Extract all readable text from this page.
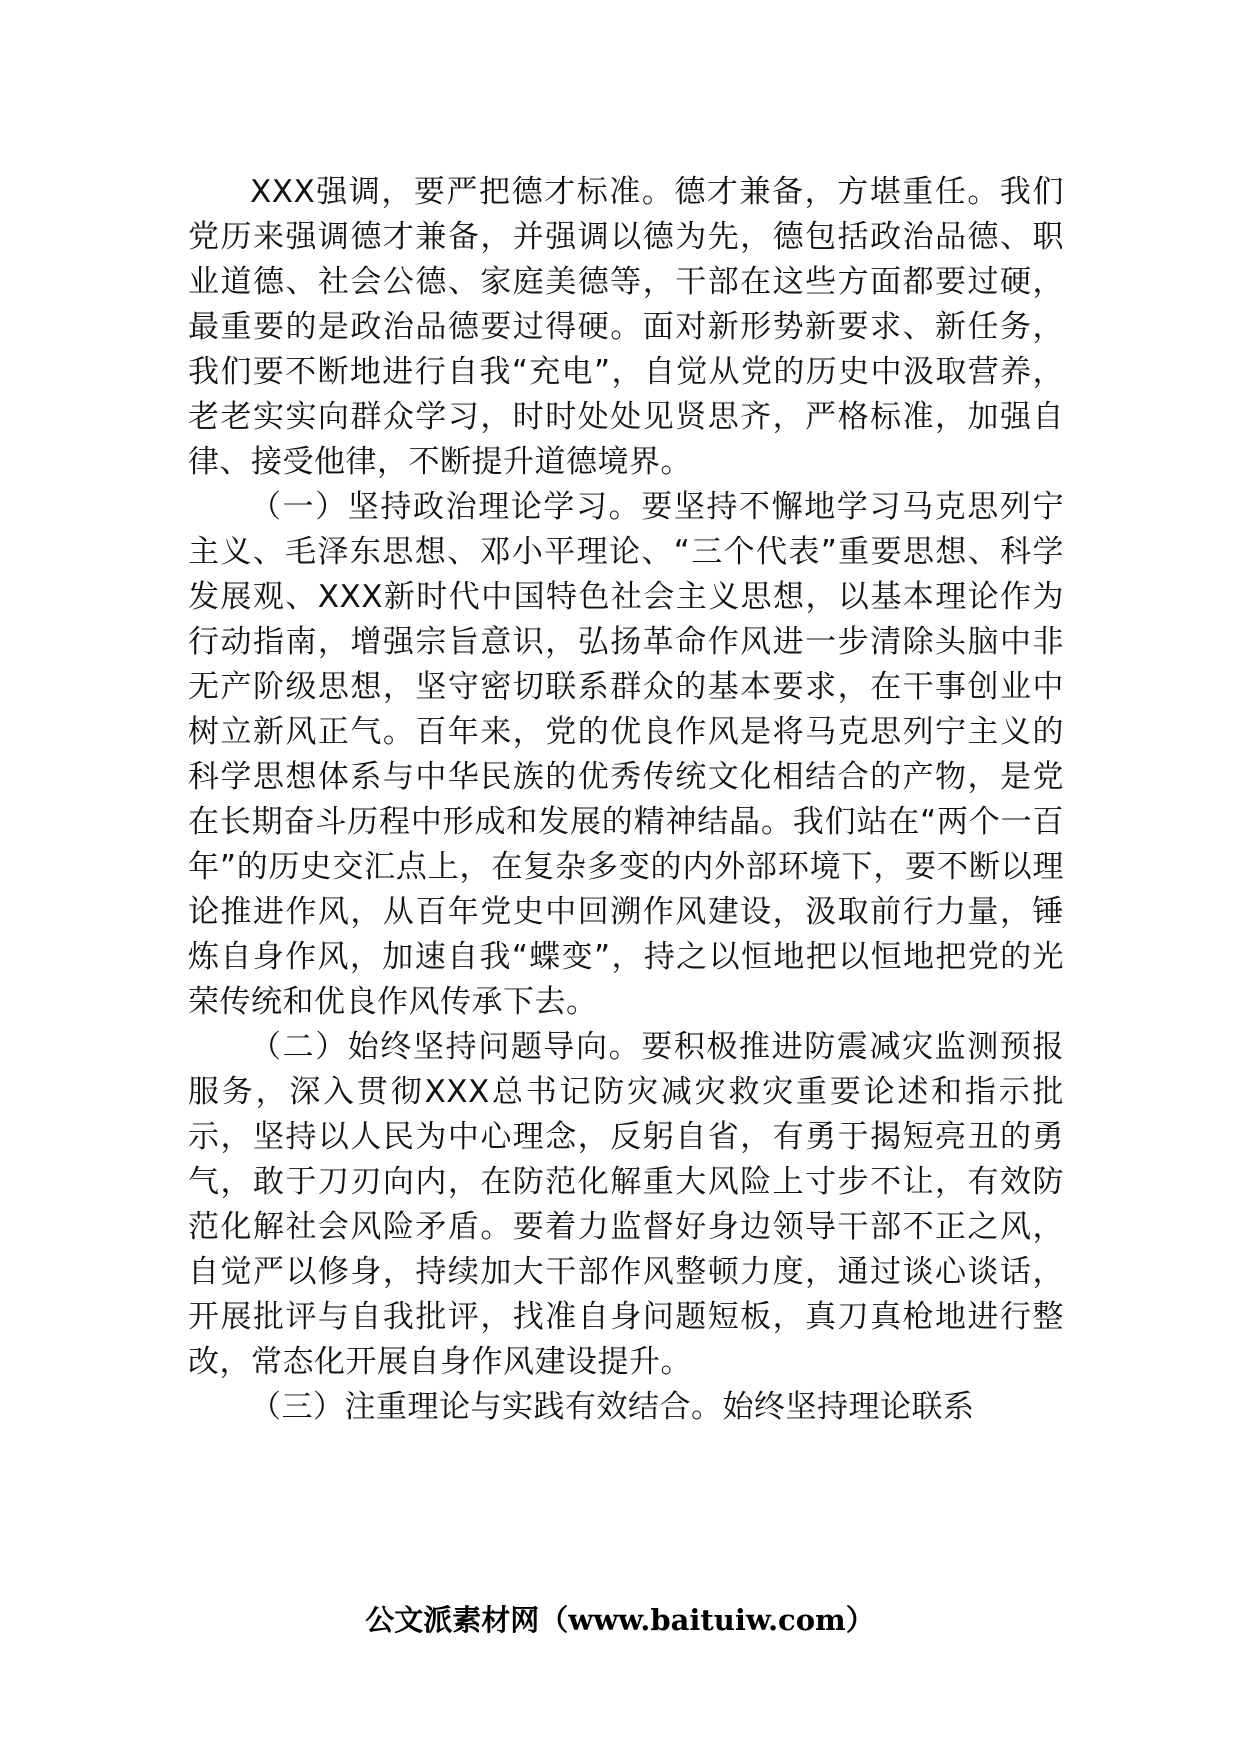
XXX强调，要严把德才标准。德才兼备，方堪重任。我们党历来强调德才兼备，并强调以德为先，德包括政治品德、职业道德、社会公德、家庭美德等，干部在这些方面都要过硬，最重要的是政治品德要过得硬。面对新形势新要求、新任务，我们要不断地进行自我“充电”，自觉从党的历史中汲取营养，老老实实向群众学习，时时处处见贤思齐，严格标准，加强自律、接受他律，不断提升道德境界。

（一）坚持政治理论学习。要坚持不懈地学习马克思列宁主义、毛泽东思想、邓小平理论、“三个代表”重要思想、科学发展观、XXX新时代中国特色社会主义思想，以基本理论作为行动指南，增强宗旨意识，弘扬革命作风进一步清除头脑中非无产阶级思想，坚守密切联系群众的基本要求，在干事创业中树立新风正气。百年来，党的优良作风是将马克思列宁主义的科学思想体系与中华民族的优秀传统文化相结合的产物，是党在长期奋斗历程中形成和发展的精神结晶。我们站在“两个一百年”的历史交汇点上，在复杂多变的内外部环境下，要不断以理论推进作风，从百年党史中回溯作风建设，汲取前行力量，锤炼自身作风，加速自我“蝶变”，持之以恒地把以恒地把党的光荣传统和优良作风传承下去。

（二）始终坚持问题导向。要积极推进防震减灾监测预报服务，深入贯彻XXX总书记防灾减灾救灾重要论述和指示批示，坚持以人民为中心理念，反躬自省，有勇于揭短亮丑的勇气，敢于刀刃向内，在防范化解重大风险上寸步不让，有效防范化解社会风险矛盾。要着力监督好身边领导干部不正之风，自觉严以修身，持续加大干部作风整顿力度，通过谈心谈话，开展批评与自我批评，找准自身问题短板，真刀真枪地进行整改，常态化开展自身作风建设提升。

（三）注重理论与实践有效结合。始终坚持理论联系

公文派素材网（www.baituiw.com）
